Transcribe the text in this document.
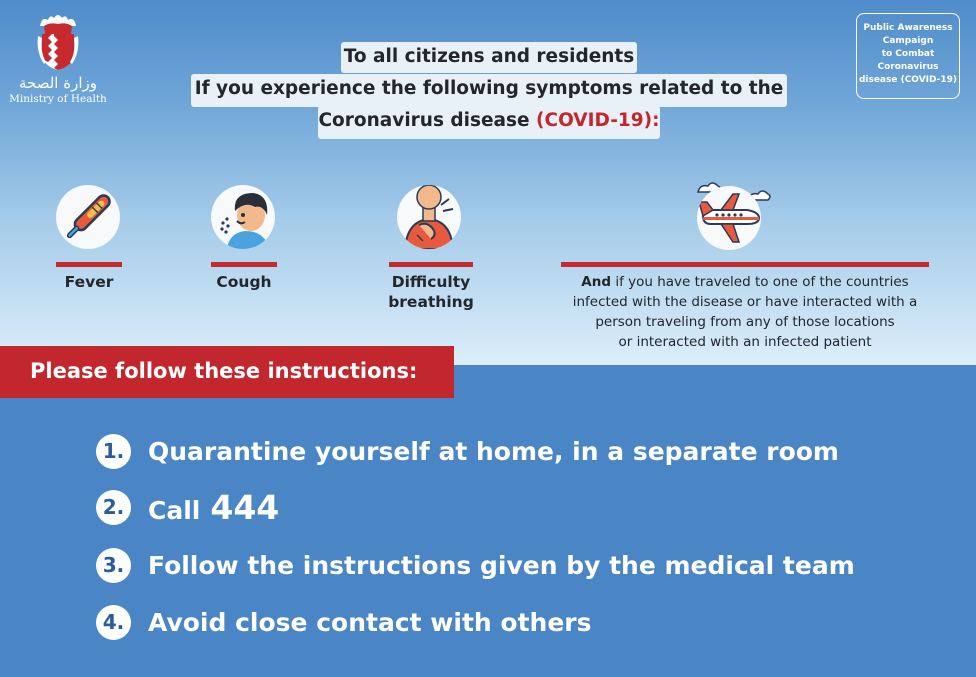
وزارة الصحة
Ministry of Health
Public Awareness
Campaign
to Combat
Coronavirus
disease (COVID-19)
To all citizens and residents
If you experience the following symptoms related to the
Coronavirus disease (COVID-19):
Fever	Cough	Difficulty
breathing
And if you have traveled to one of the countries
infected with the disease or have interacted with a
person traveling from any of those locations
or interacted with an infected patient
Please follow these instructions:
1. Quarantine yourself at home, in a separate room
2. Call 444
3. Follow the instructions given by the medical team
4. Avoid close contact with others
